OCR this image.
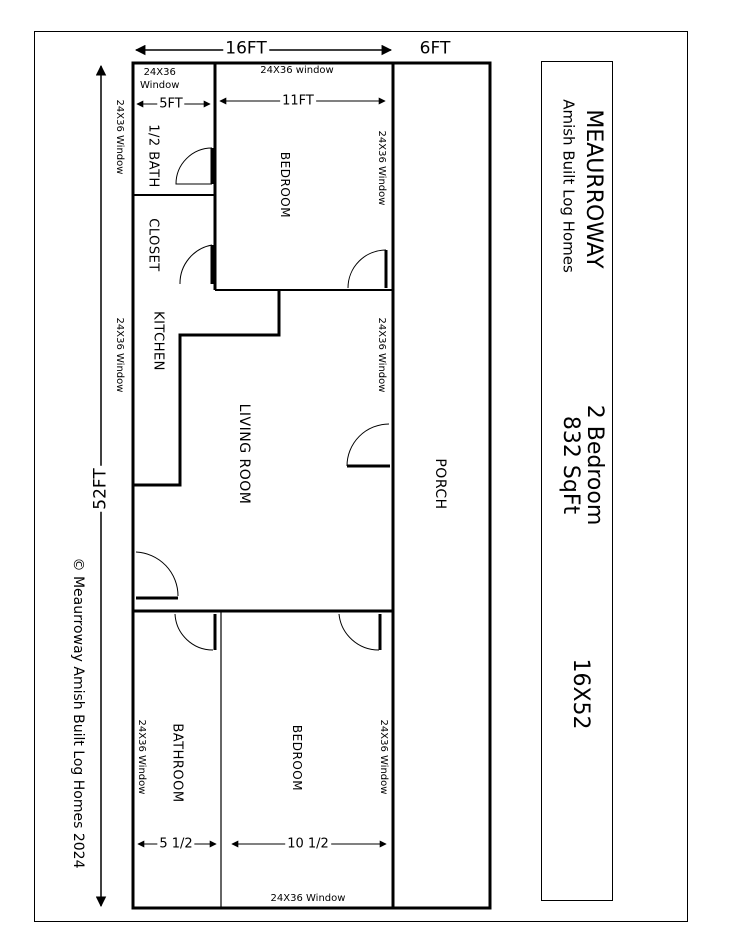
16FT	6FT
52FT
5FT	11FT
5 1/2	10 1/2
24X36
Window
24X36 window
24X36 Window	24X36 Window
24X36 Window	24X36 Window
24X36 Window	24X36 Window
24X36 Window
1/2 BATH
CLOSET
BEDROOM
KITCHEN
LIVING ROOM	PORCH
BATHROOM	BEDROOM
MEAURROWAY
Amish Built Log Homes
2 Bedroom
832 SqFt
16X52
© Meaurroway Amish Built Log Homes 2024
